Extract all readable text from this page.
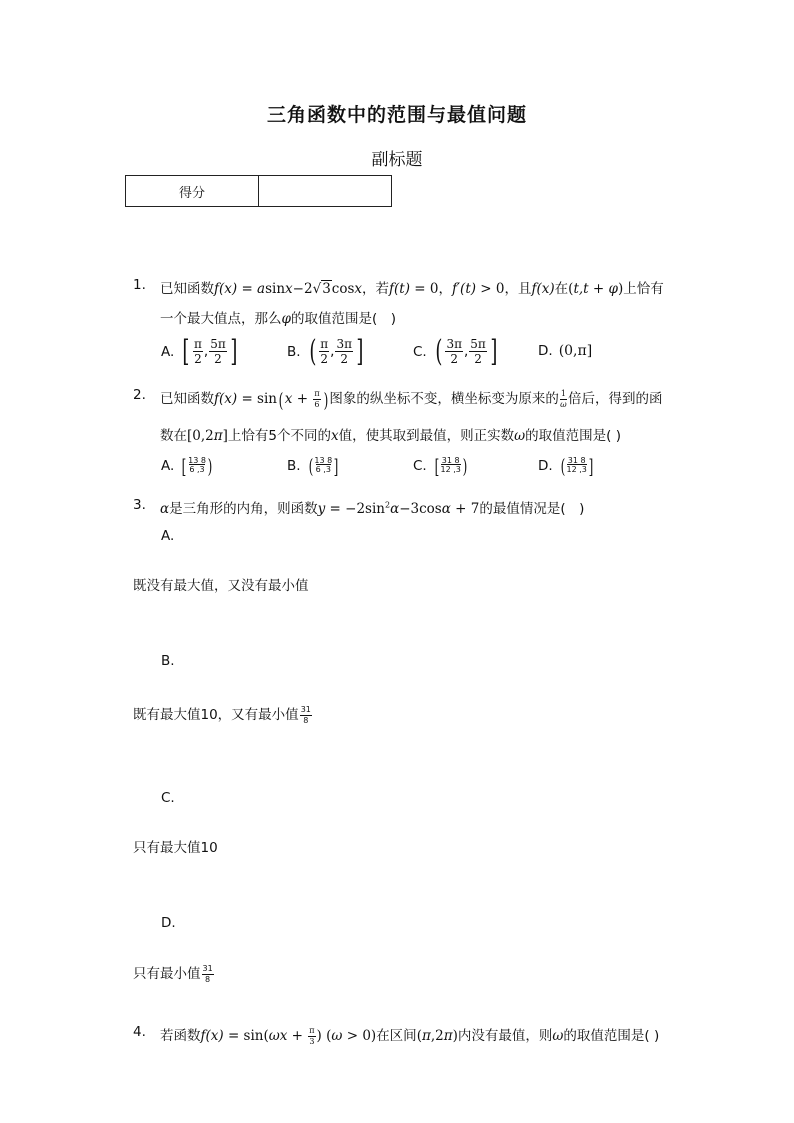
三角函数中的范围与最值问题
副标题
得分	
1.	已知函数f(x) = asinx−2√3cosx，若f(t) = 0，f′(t) > 0，且f(x)在(t,t + φ)上恰有
一个最大值点，那么φ的取值范围是(　)
A. [ $\frac{\pi}{2}$ , $\frac{5\pi}{2}$ ]	B. ( $\frac{\pi}{2}$ , $\frac{3\pi}{2}$ ]	C. ( $\frac{3\pi}{2}$ , $\frac{5\pi}{2}$ ]	D. (0,π]
2.	已知函数f(x) = sin( $x + \frac{\pi}{6}$ ) 图象的纵坐标不变，横坐标变为原来的 $\frac{1}{\omega}$ 倍后，得到的函
数在[0,2π]上恰有5个不同的x值，使其取到最值，则正实数ω的取值范围是( )
A. [ 13 8
6 ,3 )	B. ( 13 8
6 ,3 ]	C. [ 31 8
12 ,3)	D. ( 31 8
12 ,3]
3.	α是三角形的内角，则函数$y = -2\sin^2\alpha-3\cos\alpha + 7$的最值情况是(　)
A.
既没有最大值，又没有最小值
B.
既有最大值10，又有最小值 $\frac{31}{8}$
C.
只有最大值10
D.
只有最小值 $\frac{31}{8}$
4.	若函数$f(x) = \sin(\omega x + \frac{\pi}{3}$ ) (ω > 0)在区间(π,2π)内没有最值，则ω的取值范围是( )
